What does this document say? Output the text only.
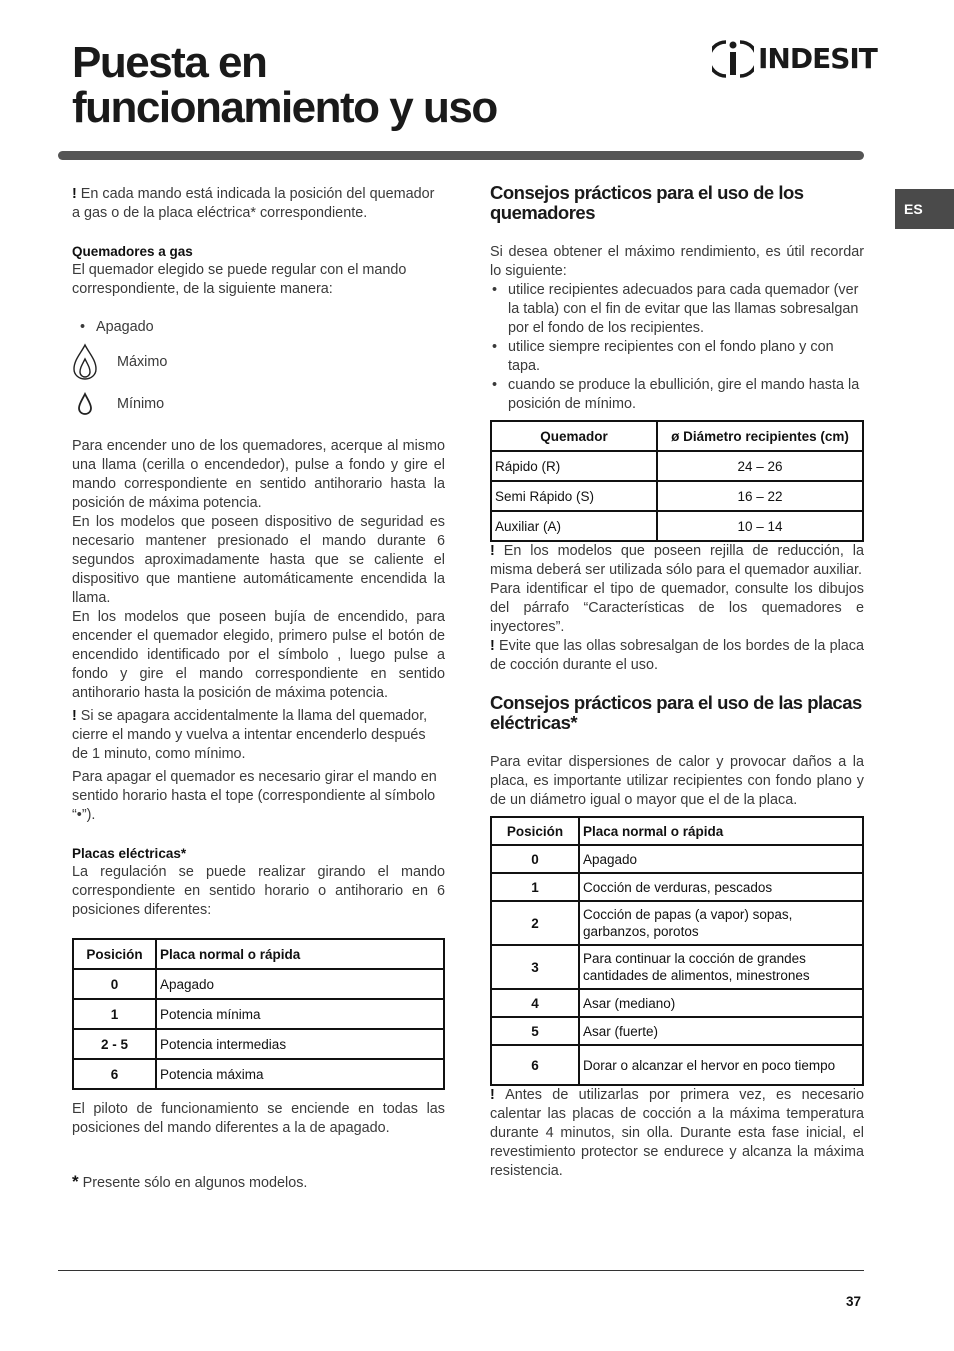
Puesta en
funcionamiento y uso
INDESIT
ES

! En cada mando está indicada la posición del quemador a gas o de la placa eléctrica* correspondiente.

Quemadores a gas

El quemador elegido se puede regular con el mando correspondiente, de la siguiente manera:

• Apagado
Máximo
Mínimo

Para encender uno de los quemadores, acerque al mismo una llama (cerilla o encendedor), pulse a fondo y gire el mando correspondiente en sentido antihorario hasta la posición de máxima potencia.

En los modelos que poseen dispositivo de seguridad es necesario mantener presionado el mando durante 6 segundos aproximadamente hasta que se caliente el dispositivo que mantiene automáticamente encendida la llama.

En los modelos que poseen bujía de encendido, para encender el quemador elegido, primero pulse el botón de encendido identificado por el símbolo , luego pulse a fondo y gire el mando correspondiente en sentido antihorario hasta la posición de máxima potencia.

! Si se apagara accidentalmente la llama del quemador, cierre el mando y vuelva a intentar encenderlo después de 1 minuto, como mínimo.

Para apagar el quemador es necesario girar el mando en sentido horario hasta el tope (correspondiente al símbolo “•”).

Placas eléctricas*

La regulación se puede realizar girando el mando correspondiente en sentido horario o antihorario en 6 posiciones diferentes:

Posición	Placa normal o rápida
0	Apagado
1	Potencia mínima
2 - 5	Potencia intermedias
6	Potencia máxima

El piloto de funcionamiento se enciende en todas las posiciones del mando diferentes a la de apagado.

* Presente sólo en algunos modelos.

Consejos prácticos para el uso de los quemadores

Si desea obtener el máximo rendimiento, es útil recordar lo siguiente:

• utilice recipientes adecuados para cada quemador (ver la tabla) con el fin de evitar que las llamas sobresalgan por el fondo de los recipientes.
• utilice siempre recipientes con el fondo plano y con tapa.
• cuando se produce la ebullición, gire el mando hasta la posición de mínimo.
Quemador	ø Diámetro recipientes (cm)
Rápido (R)	24 – 26
Semi Rápido (S)	16 – 22
Auxiliar (A)	10 – 14

! En los modelos que poseen rejilla de reducción, la misma deberá ser utilizada sólo para el quemador auxiliar.

Para identificar el tipo de quemador, consulte los dibujos del párrafo “Características de los quemadores e inyectores”.

! Evite que las ollas sobresalgan de los bordes de la placa de cocción durante el uso.

Consejos prácticos para el uso de las placas eléctricas*

Para evitar dispersiones de calor y provocar daños a la placa, es importante utilizar recipientes con fondo plano y de un diámetro igual o mayor que el de la placa.

Posición	Placa normal o rápida
0	Apagado
1	Cocción de verduras, pescados
2	Cocción de papas (a vapor) sopas, garbanzos, porotos
3	Para continuar la cocción de grandes cantidades de alimentos, minestrones
4	Asar (mediano)
5	Asar (fuerte)
6	Dorar o alcanzar el hervor en poco tiempo

! Antes de utilizarlas por primera vez, es necesario calentar las placas de cocción a la máxima temperatura durante 4 minutos, sin olla. Durante esta fase inicial, el revestimiento protector se endurece y alcanza la máxima resistencia.

37
